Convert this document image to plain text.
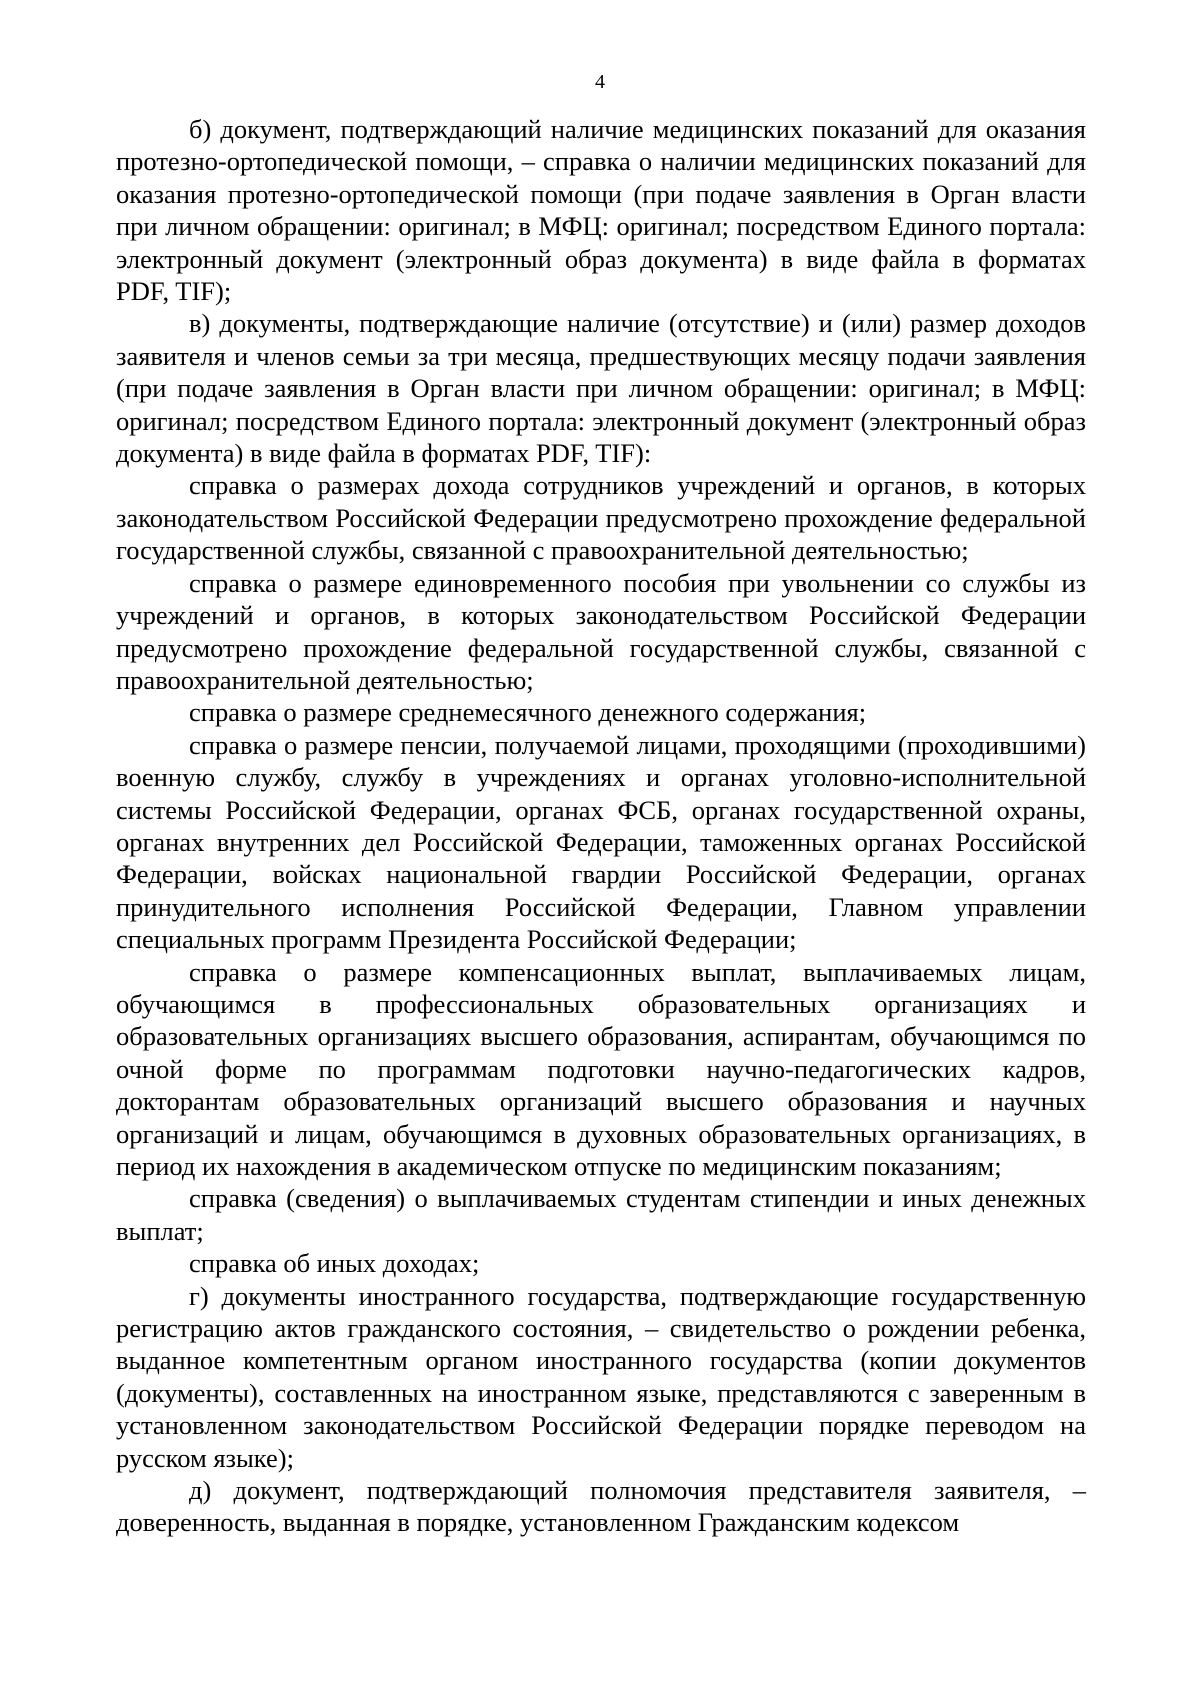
4

б) документ, подтверждающий наличие медицинских показаний для оказания протезно-ортопедической помощи, – справка о наличии медицинских показаний для оказания протезно-ортопедической помощи (при подаче заявления в Орган власти при личном обращении: оригинал; в МФЦ: оригинал; посредством Единого портала: электронный документ (электронный образ документа) в виде файла в форматах PDF, TIF);

в) документы, подтверждающие наличие (отсутствие) и (или) размер доходов заявителя и членов семьи за три месяца, предшествующих месяцу подачи заявления (при подаче заявления в Орган власти при личном обращении: оригинал; в МФЦ: оригинал; посредством Единого портала: электронный документ (электронный образ документа) в виде файла в форматах PDF, TIF):

справка о размерах дохода сотрудников учреждений и органов, в которых законодательством Российской Федерации предусмотрено прохождение федеральной государственной службы, связанной с правоохранительной деятельностью;

справка о размере единовременного пособия при увольнении со службы из учреждений и органов, в которых законодательством Российской Федерации предусмотрено прохождение федеральной государственной службы, связанной с правоохранительной деятельностью;

справка о размере среднемесячного денежного содержания;

справка о размере пенсии, получаемой лицами, проходящими (проходившими) военную службу, службу в учреждениях и органах уголовно-исполнительной системы Российской Федерации, органах ФСБ, органах государственной охраны, органах внутренних дел Российской Федерации, таможенных органах Российской Федерации, войсках национальной гвардии Российской Федерации, органах принудительного исполнения Российской Федерации, Главном управлении специальных программ Президента Российской Федерации;

справка о размере компенсационных выплат, выплачиваемых лицам, обучающимся в профессиональных образовательных организациях и образовательных организациях высшего образования, аспирантам, обучающимся по очной форме по программам подготовки научно-педагогических кадров, докторантам образовательных организаций высшего образования и научных организаций и лицам, обучающимся в духовных образовательных организациях, в период их нахождения в академическом отпуске по медицинским показаниям;

справка (сведения) о выплачиваемых студентам стипендии и иных денежных выплат;

справка об иных доходах;

г) документы иностранного государства, подтверждающие государственную регистрацию актов гражданского состояния, – свидетельство о рождении ребенка, выданное компетентным органом иностранного государства (копии документов (документы), составленных на иностранном языке, представляются с заверенным в установленном законодательством Российской Федерации порядке переводом на русском языке);

д) документ, подтверждающий полномочия представителя заявителя, – доверенность, выданная в порядке, установленном Гражданским кодексом
